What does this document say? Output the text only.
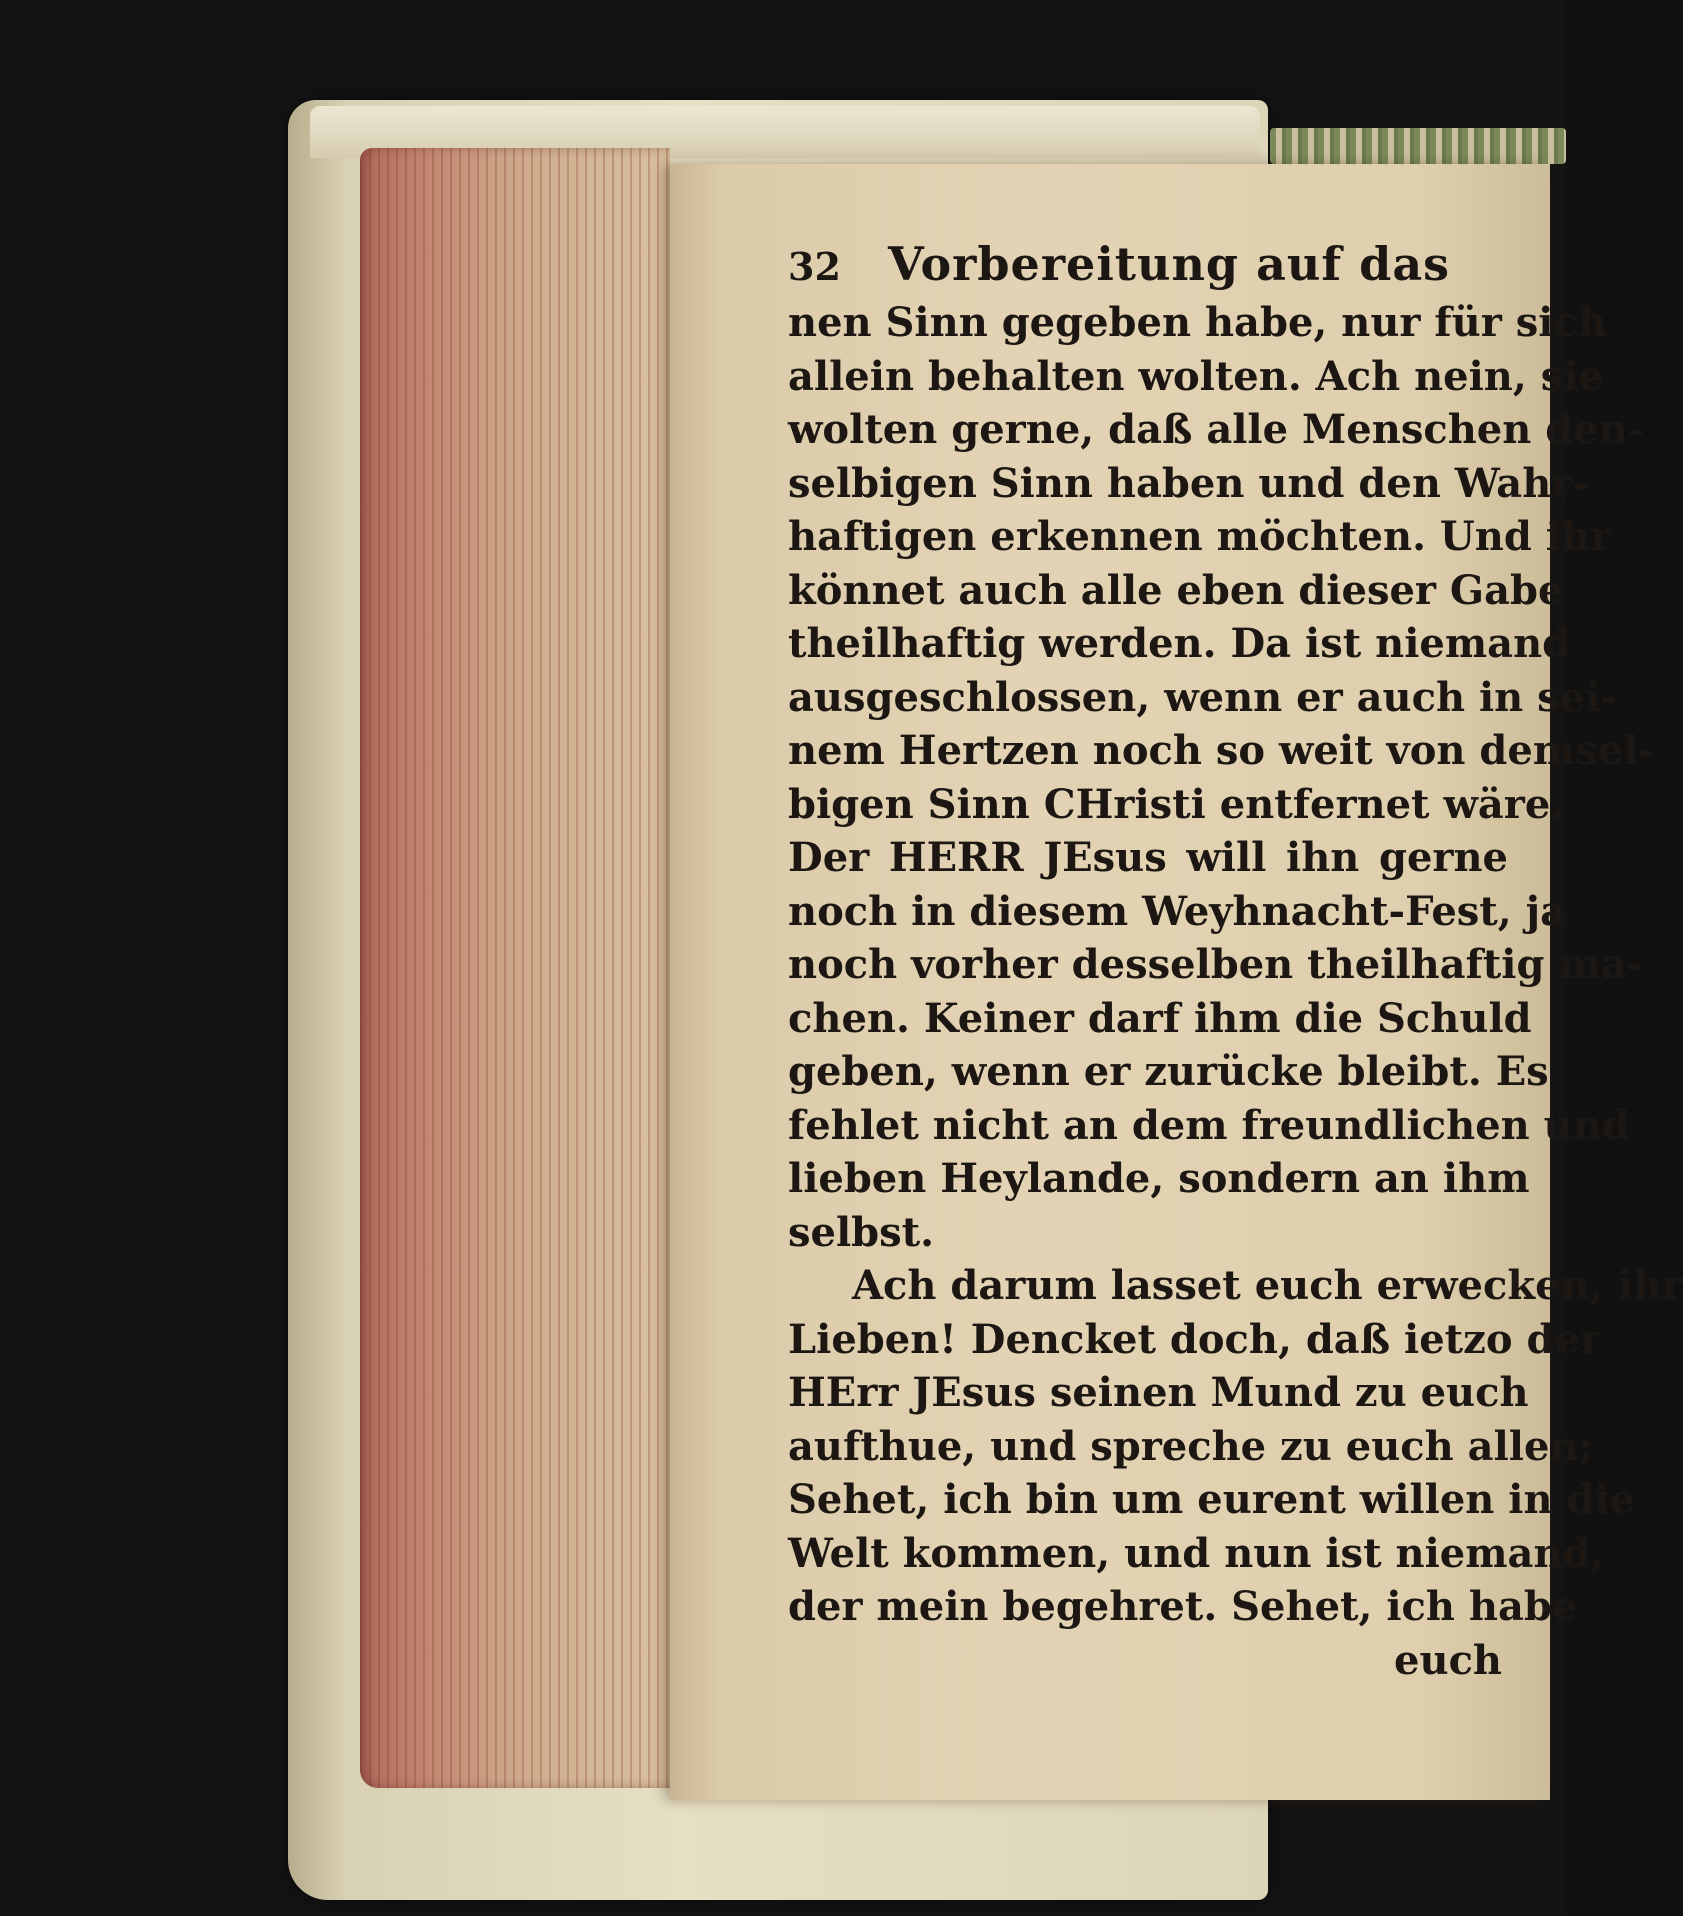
32	Vorbereitung auf das
nen Sinn gegeben habe, nur für sich
allein behalten wolten. Ach nein, sie
wolten gerne, daß alle Menschen den-
selbigen Sinn haben und den Wahr-
haftigen erkennen möchten. Und ihr
könnet auch alle eben dieser Gabe
theilhaftig werden. Da ist niemand
ausgeschlossen, wenn er auch in sei-
nem Hertzen noch so weit von demsel-
bigen Sinn CHristi entfernet wäre.
Der HERR JEsus will ihn gerne
noch in diesem Weyhnacht-Fest, ja
noch vorher desselben theilhaftig ma-
chen. Keiner darf ihm die Schuld
geben, wenn er zurücke bleibt. Es
fehlet nicht an dem freundlichen und
lieben Heylande, sondern an ihm
selbst.
Ach darum lasset euch erwecken, ihr
Lieben! Dencket doch, daß ietzo der
HErr JEsus seinen Mund zu euch
aufthue, und spreche zu euch allen;
Sehet, ich bin um eurent willen in die
Welt kommen, und nun ist niemand,
der mein begehret. Sehet, ich habe
euch
